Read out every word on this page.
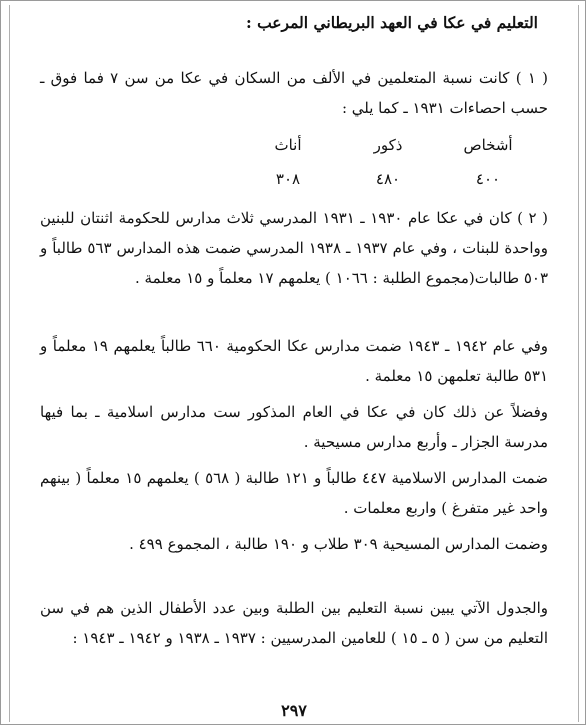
التعليم في عكا في العهد البريطاني المرعب :
( ١ ) كانت نسبة المتعلمين في الألف من السكان في عكا من سن ٧ فما فوق ـ حسب احصاءات ١٩٣١ ـ كما يلي :
أشخاص
٤٠٠
ذكور
٤٨٠
أناث
٣٠٨
( ٢ ) كان في عكا عام ١٩٣٠ ـ ١٩٣١ المدرسي ثلاث مدارس للحكومة اثنتان للبنين وواحدة للبنات ، وفي عام ١٩٣٧ ـ ١٩٣٨ المدرسي ضمت هذه المدارس ٥٦٣ طالباً و ٥٠٣ طالبات(مجموع الطلبة : ١٠٦٦ ) يعلمهم ١٧ معلماً و ١٥ معلمة .
وفي عام ١٩٤٢ ـ ١٩٤٣ ضمت مدارس عكا الحكومية ٦٦٠ طالباً يعلمهم ١٩ معلماً و ٥٣١ طالبة تعلمهن ١٥ معلمة .
وفضلاً عن ذلك كان في عكا في العام المذكور ست مدارس اسلامية ـ بما فيها مدرسة الجزار ـ وأربع مدارس مسيحية .
ضمت المدارس الاسلامية ٤٤٧ طالباً و ١٢١ طالبة ( ٥٦٨ ) يعلمهم ١٥ معلماً ( بينهم واحد غير متفرغ ) واربع معلمات .
وضمت المدارس المسيحية ٣٠٩ طلاب و ١٩٠ طالبة ، المجموع ٤٩٩ .
والجدول الآتي يبين نسبة التعليم بين الطلبة وبين عدد الأطفال الذين هم في سن التعليم من سن ( ٥ ـ ١٥ ) للعامين المدرسيين : ١٩٣٧ ـ ١٩٣٨ و ١٩٤٢ ـ ١٩٤٣ :
٢٩٧
